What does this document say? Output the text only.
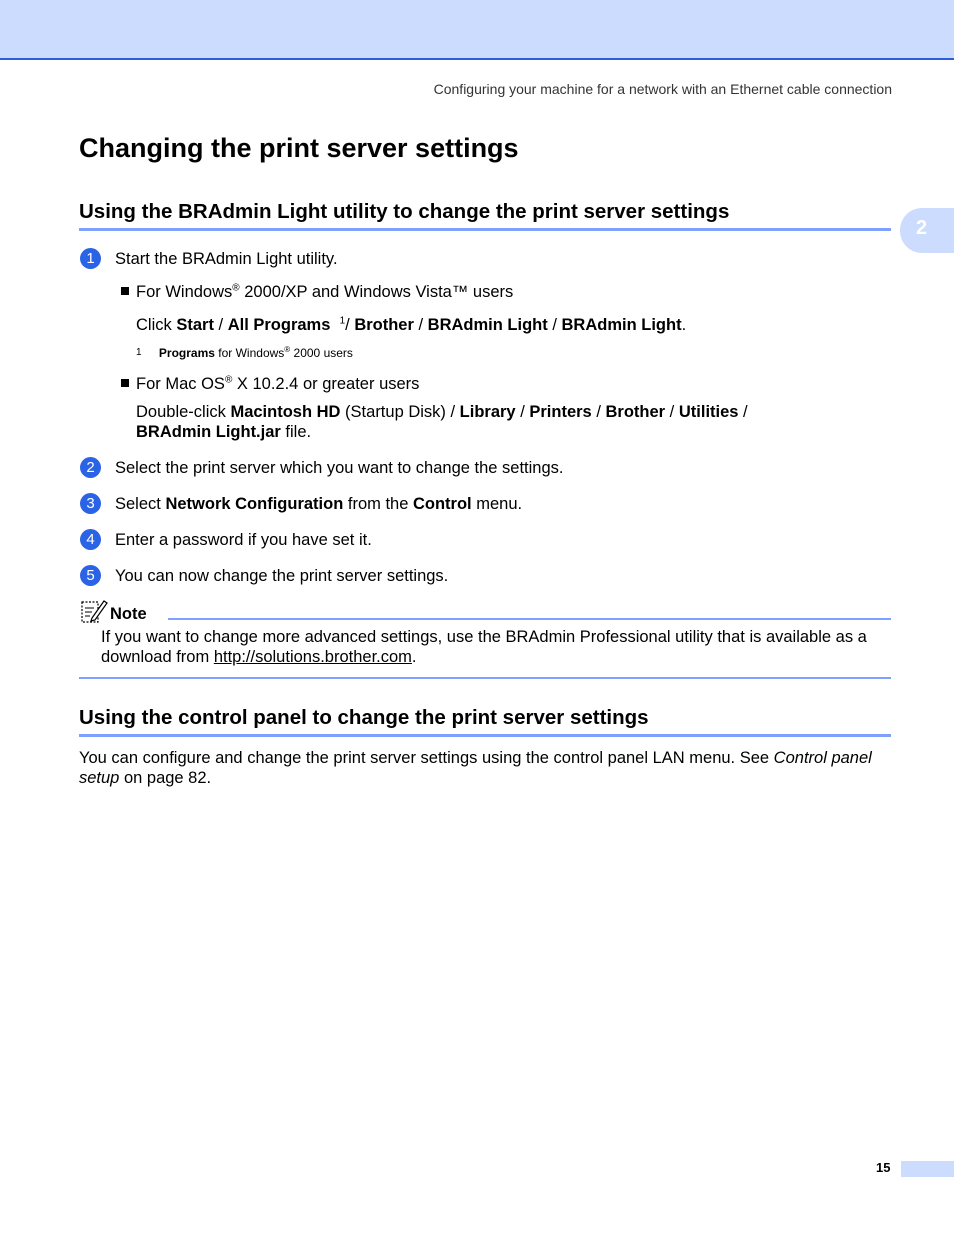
Configuring your machine for a network with an Ethernet cable connection
2
Changing the print server settings
Using the BRAdmin Light utility to change the print server settings
1	Start the BRAdmin Light utility.
For Windows® 2000/XP and Windows Vista™ users
Click Start / All Programs $^1$/ Brother / BRAdmin Light / BRAdmin Light.
1 Programs for Windows® 2000 users
For Mac OS® X 10.2.4 or greater users
Double-click Macintosh HD (Startup Disk) / Library / Printers / Brother / Utilities /
BRAdmin Light.jar file.
2	Select the print server which you want to change the settings.
3	Select Network Configuration from the Control menu.
4	Enter a password if you have set it.
5	You can now change the print server settings.
Note
If you want to change more advanced settings, use the BRAdmin Professional utility that is available as a
download from http://solutions.brother.com.
Using the control panel to change the print server settings
You can configure and change the print server settings using the control panel LAN menu. See Control panel
setup on page 82.
15
